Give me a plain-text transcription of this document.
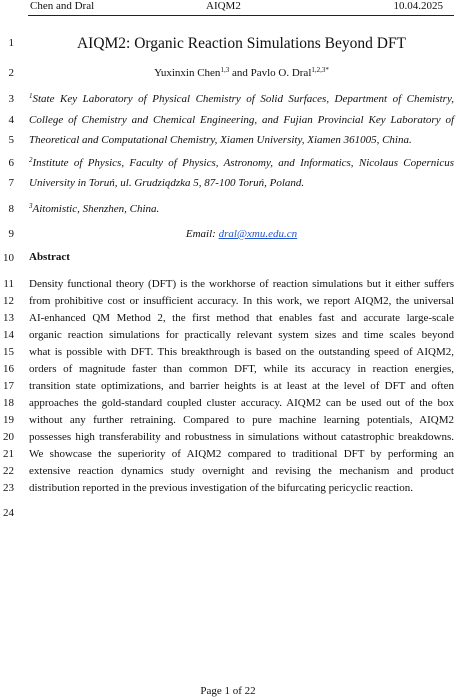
Chen and Dral	AIQM2	10.04.2025
1
2
3
4
5
6
7
8
9
10
11
12
13
14
15
16
17
18
19
20
21
22
23
24
AIQM2: Organic Reaction Simulations Beyond DFT
Yuxinxin Chen$^{1,3}$ and Pavlo O. Dral$^{1,2,3*}$
$^1$State Key Laboratory of Physical Chemistry of Solid Surfaces, Department of Chemistry,
College of Chemistry and Chemical Engineering, and Fujian Provincial Key Laboratory of
Theoretical and Computational Chemistry, Xiamen University, Xiamen 361005, China.
$^2$Institute of Physics, Faculty of Physics, Astronomy, and Informatics, Nicolaus Copernicus
University in Toruń, ul. Grudziądzka 5, 87-100 Toruń, Poland.
$^3$Aitomistic, Shenzhen, China.
Email: dral@xmu.edu.cn
Abstract
Density functional theory (DFT) is the workhorse of reaction simulations but it either suffers
from prohibitive cost or insufficient accuracy. In this work, we report AIQM2, the universal
AI-enhanced QM Method 2, the first method that enables fast and accurate large-scale
organic reaction simulations for practically relevant system sizes and time scales beyond
what is possible with DFT. This breakthrough is based on the outstanding speed of AIQM2,
orders of magnitude faster than common DFT, while its accuracy in reaction energies,
transition state optimizations, and barrier heights is at least at the level of DFT and often
approaches the gold-standard coupled cluster accuracy. AIQM2 can be used out of the box
without any further retraining. Compared to pure machine learning potentials, AIQM2
possesses high transferability and robustness in simulations without catastrophic breakdowns.
We showcase the superiority of AIQM2 compared to traditional DFT by performing an
extensive reaction dynamics study overnight and revising the mechanism and product
distribution reported in the previous investigation of the bifurcating pericyclic reaction.
Page 1 of 22
